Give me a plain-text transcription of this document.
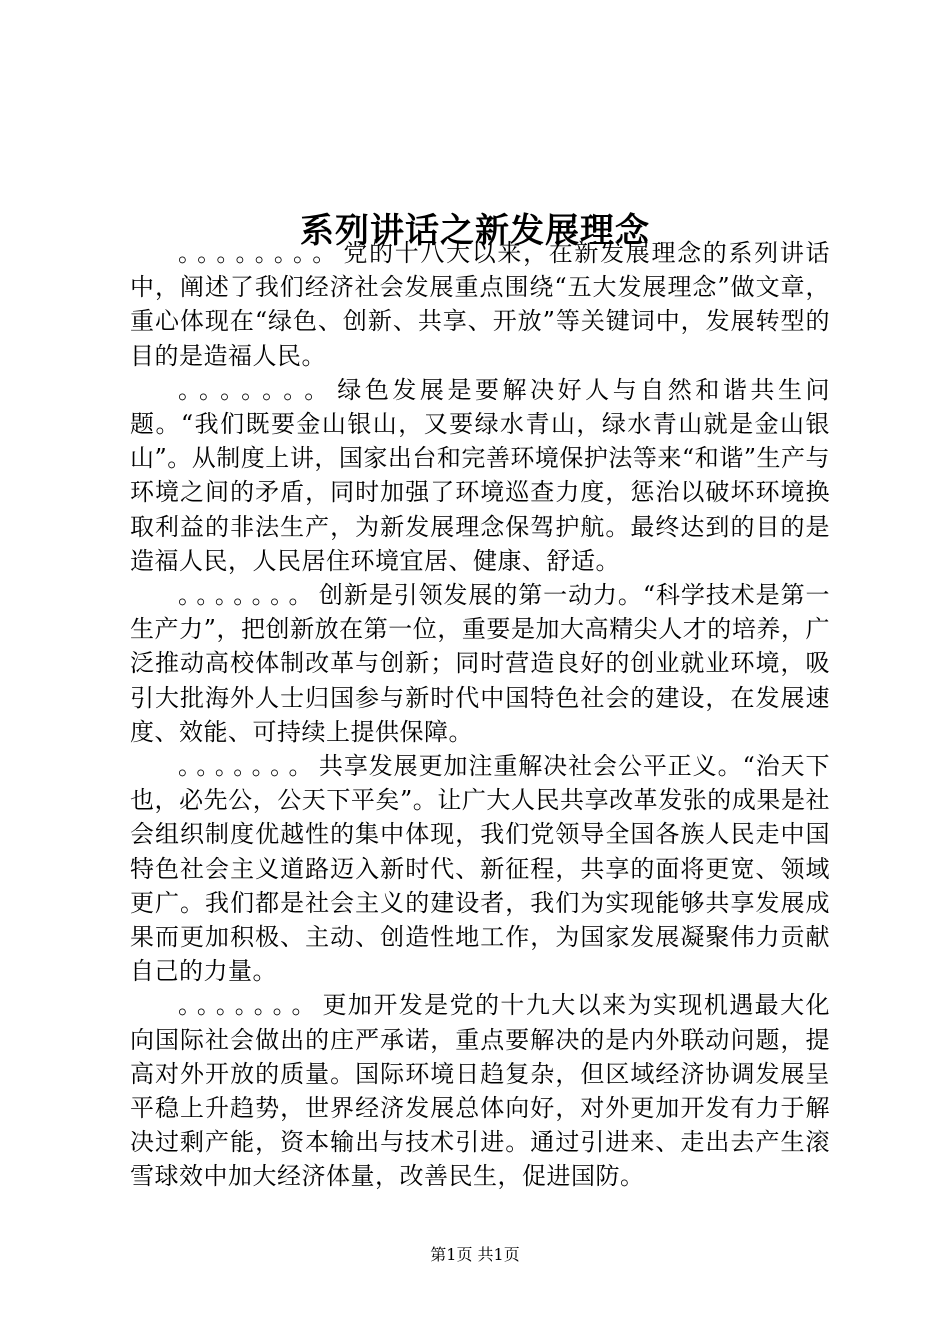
系列讲话之新发展理念

。。。。。。。。党的十八大以来，在新发展理念的系列讲话中，阐述了我们经济社会发展重点围绕“五大发展理念”做文章，重心体现在“绿色、创新、共享、开放”等关键词中，发展转型的目的是造福人民。

。。。。。。。绿色发展是要解决好人与自然和谐共生问题。“我们既要金山银山，又要绿水青山，绿水青山就是金山银山”。从制度上讲，国家出台和完善环境保护法等来“和谐”生产与环境之间的矛盾，同时加强了环境巡查力度，惩治以破坏环境换取利益的非法生产，为新发展理念保驾护航。最终达到的目的是造福人民，人民居住环境宜居、健康、舒适。

。。。。。。。创新是引领发展的第一动力。“科学技术是第一生产力”，把创新放在第一位，重要是加大高精尖人才的培养，广泛推动高校体制改革与创新；同时营造良好的创业就业环境，吸引大批海外人士归国参与新时代中国特色社会的建设，在发展速度、效能、可持续上提供保障。

。。。。。。。共享发展更加注重解决社会公平正义。“治天下也，必先公，公天下平矣”。让广大人民共享改革发张的成果是社会组织制度优越性的集中体现，我们党领导全国各族人民走中国特色社会主义道路迈入新时代、新征程，共享的面将更宽、领域更广。我们都是社会主义的建设者，我们为实现能够共享发展成果而更加积极、主动、创造性地工作，为国家发展凝聚伟力贡献自己的力量。

。。。。。。。更加开发是党的十九大以来为实现机遇最大化向国际社会做出的庄严承诺，重点要解决的是内外联动问题，提高对外开放的质量。国际环境日趋复杂，但区域经济协调发展呈平稳上升趋势，世界经济发展总体向好，对外更加开发有力于解决过剩产能，资本输出与技术引进。通过引进来、走出去产生滚雪球效中加大经济体量，改善民生，促进国防。

第1页 共1页
